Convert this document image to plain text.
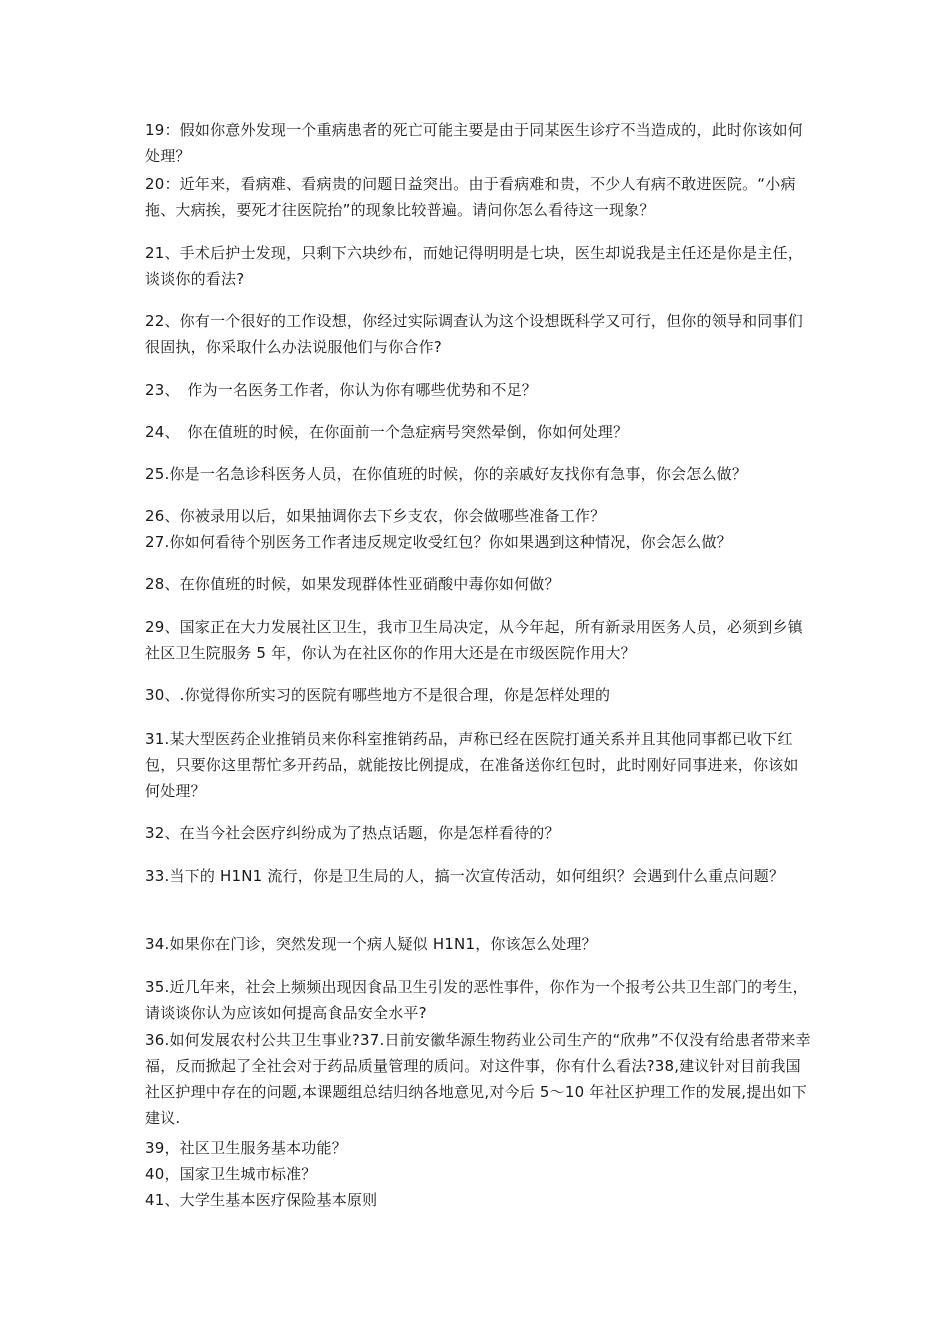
19：假如你意外发现一个重病患者的死亡可能主要是由于同某医生诊疗不当造成的，此时你该如何处理？

20：近年来，看病难、看病贵的问题日益突出。由于看病难和贵，不少人有病不敢进医院。“小病拖、大病挨，要死才往医院抬”的现象比较普遍。请问你怎么看待这一现象？

21、手术后护士发现，只剩下六块纱布，而她记得明明是七块，医生却说我是主任还是你是主任，谈谈你的看法?

22、你有一个很好的工作设想，你经过实际调查认为这个设想既科学又可行，但你的领导和同事们很固执，你采取什么办法说服他们与你合作?

23、　作为一名医务工作者，你认为你有哪些优势和不足？

24、　你在值班的时候，在你面前一个急症病号突然晕倒，你如何处理？

25.你是一名急诊科医务人员，在你值班的时候，你的亲戚好友找你有急事，你会怎么做？

26、你被录用以后，如果抽调你去下乡支农，你会做哪些准备工作？

27.你如何看待个别医务工作者违反规定收受红包？你如果遇到这种情况，你会怎么做？

28、在你值班的时候，如果发现群体性亚硝酸中毒你如何做？

29、国家正在大力发展社区卫生，我市卫生局决定，从今年起，所有新录用医务人员，必须到乡镇社区卫生院服务 5 年，你认为在社区你的作用大还是在市级医院作用大？

30、.你觉得你所实习的医院有哪些地方不是很合理，你是怎样处理的

31.某大型医药企业推销员来你科室推销药品，声称已经在医院打通关系并且其他同事都已收下红包，只要你这里帮忙多开药品，就能按比例提成，在准备送你红包时，此时刚好同事进来，你该如何处理？

32、在当今社会医疗纠纷成为了热点话题，你是怎样看待的？

33.当下的 H1N1 流行，你是卫生局的人，搞一次宣传活动，如何组织？会遇到什么重点问题？

34.如果你在门诊，突然发现一个病人疑似 H1N1，你该怎么处理？

35.近几年来，社会上频频出现因食品卫生引发的恶性事件，你作为一个报考公共卫生部门的考生，请谈谈你认为应该如何提高食品安全水平?

36.如何发展农村公共卫生事业?37.日前安徽华源生物药业公司生产的“欣弗”不仅没有给患者带来幸福，反而掀起了全社会对于药品质量管理的质问。对这件事，你有什么看法?38,建议针对目前我国社区护理中存在的问题,本课题组总结归纳各地意见,对今后 5～10 年社区护理工作的发展,提出如下建议.

39，社区卫生服务基本功能？

40，国家卫生城市标准？

41、大学生基本医疗保险基本原则
